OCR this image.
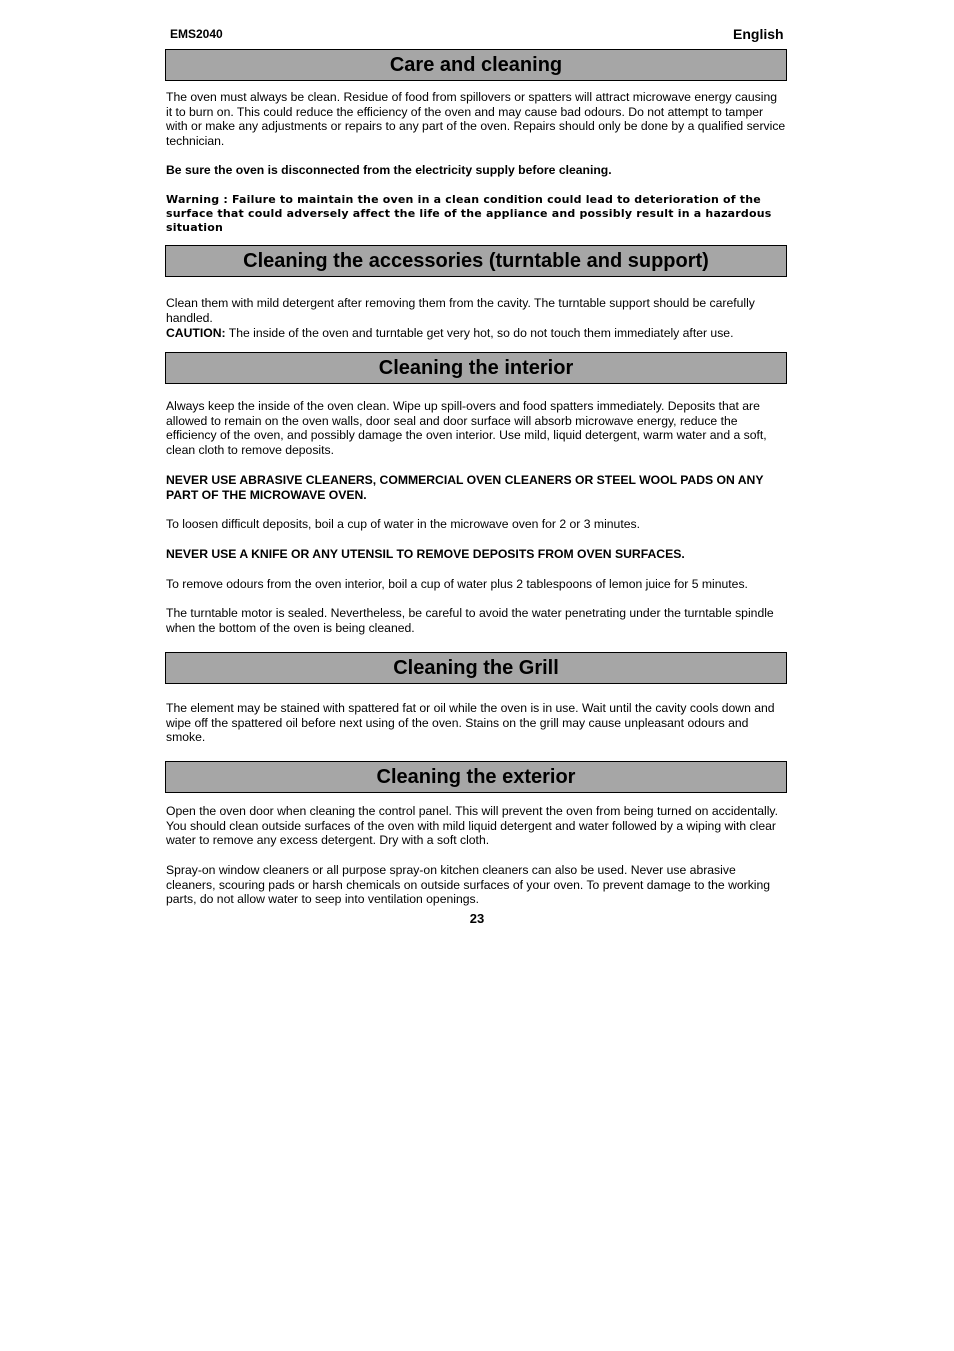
EMS2040	English
Care and cleaning

The oven must always be clean. Residue of food from spillovers or spatters will attract microwave energy causing it to burn on. This could reduce the efficiency of the oven and may cause bad odours. Do not attempt to tamper with or make any adjustments or repairs to any part of the oven. Repairs should only be done by a qualified service technician.

Be sure the oven is disconnected from the electricity supply before cleaning.

Warning : Failure to maintain the oven in a clean condition could lead to deterioration of the surface that could adversely affect the life of the appliance and possibly result in a hazardous situation

Cleaning the accessories (turntable and support)

Clean them with mild detergent after removing them from the cavity. The turntable support should be carefully handled.

CAUTION: The inside of the oven and turntable get very hot, so do not touch them immediately after use.

Cleaning the interior

Always keep the inside of the oven clean. Wipe up spill-overs and food spatters immediately. Deposits that are allowed to remain on the oven walls, door seal and door surface will absorb microwave energy, reduce the efficiency of the oven, and possibly damage the oven interior. Use mild, liquid detergent, warm water and a soft, clean cloth to remove deposits.

NEVER USE ABRASIVE CLEANERS, COMMERCIAL OVEN CLEANERS OR STEEL WOOL PADS ON ANY PART OF THE MICROWAVE OVEN.

To loosen difficult deposits, boil a cup of water in the microwave oven for 2 or 3 minutes.

NEVER USE A KNIFE OR ANY UTENSIL TO REMOVE DEPOSITS FROM OVEN SURFACES.

To remove odours from the oven interior, boil a cup of water plus 2 tablespoons of lemon juice for 5 minutes.

The turntable motor is sealed. Nevertheless, be careful to avoid the water penetrating under the turntable spindle when the bottom of the oven is being cleaned.

Cleaning the Grill

The element may be stained with spattered fat or oil while the oven is in use. Wait until the cavity cools down and wipe off the spattered oil before next using of the oven. Stains on the grill may cause unpleasant odours and smoke.

Cleaning the exterior

Open the oven door when cleaning the control panel. This will prevent the oven from being turned on accidentally. You should clean outside surfaces of the oven with mild liquid detergent and water followed by a wiping with clear water to remove any excess detergent. Dry with a soft cloth.

Spray-on window cleaners or all purpose spray-on kitchen cleaners can also be used. Never use abrasive cleaners, scouring pads or harsh chemicals on outside surfaces of your oven. To prevent damage to the working parts, do not allow water to seep into ventilation openings.

23
